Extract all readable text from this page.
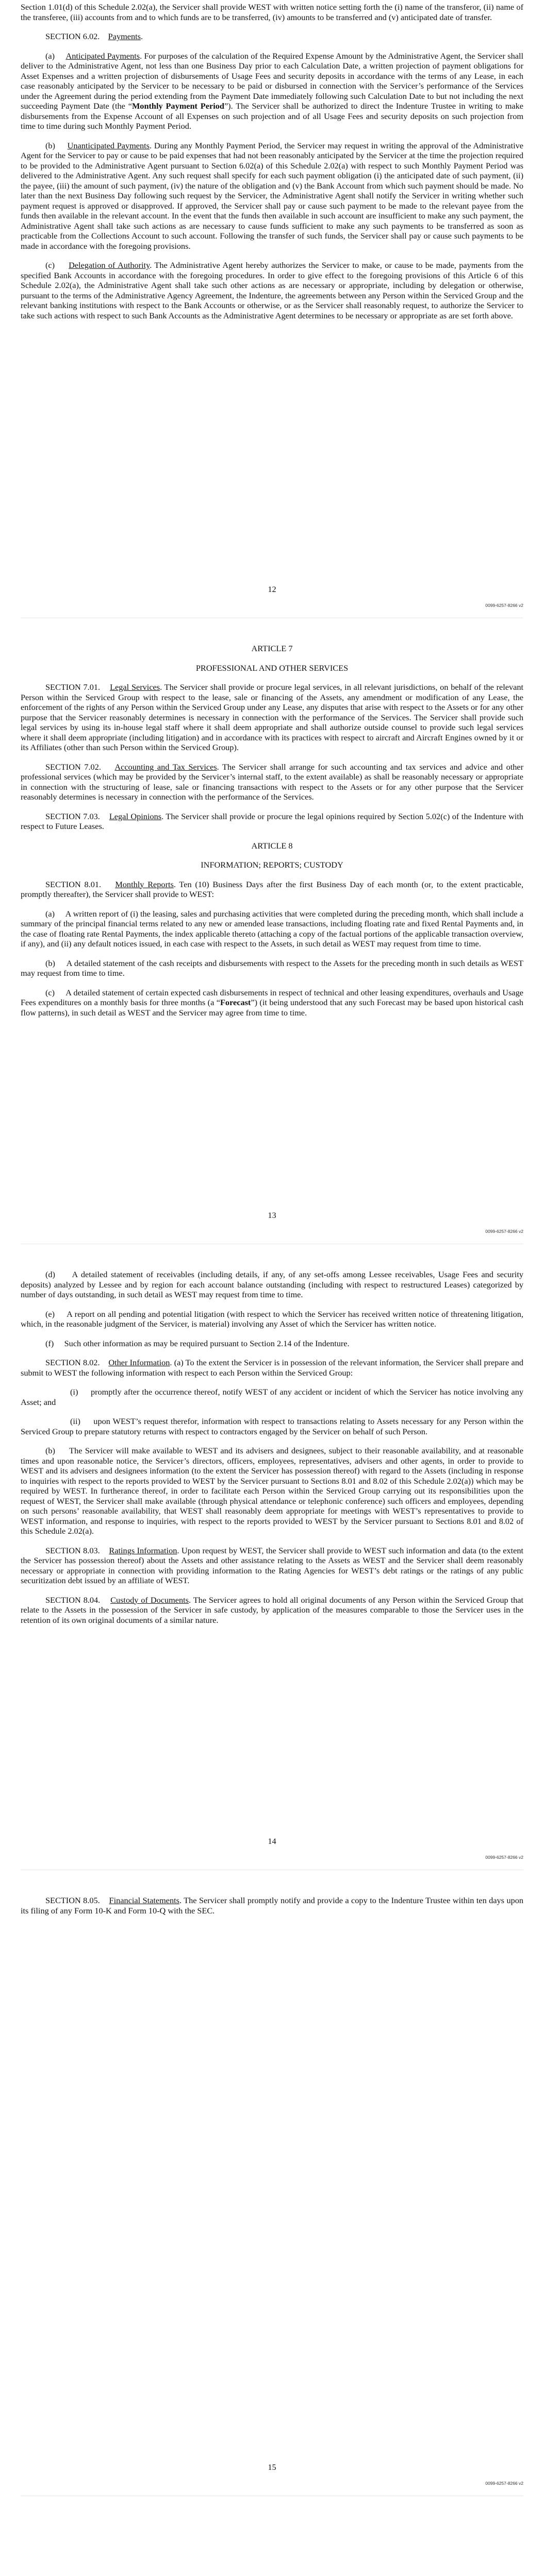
Section 1.01(d) of this Schedule 2.02(a), the Servicer shall provide WEST with written notice setting forth the (i) name of the transferor, (ii) name of the transferee, (iii) accounts from and to which funds are to be transferred, (iv) amounts to be transferred and (v) anticipated date of transfer.

SECTION 6.02. Payments.

(a) Anticipated Payments. For purposes of the calculation of the Required Expense Amount by the Administrative Agent, the Servicer shall deliver to the Administrative Agent, not less than one Business Day prior to each Calculation Date, a written projection of payment obligations for Asset Expenses and a written projection of disbursements of Usage Fees and security deposits in accordance with the terms of any Lease, in each case reasonably anticipated by the Servicer to be necessary to be paid or disbursed in connection with the Servicer’s performance of the Services under the Agreement during the period extending from the Payment Date immediately following such Calculation Date to but not including the next succeeding Payment Date (the “Monthly Payment Period”). The Servicer shall be authorized to direct the Indenture Trustee in writing to make disbursements from the Expense Account of all Expenses on such projection and of all Usage Fees and security deposits on such projection from time to time during such Monthly Payment Period.

(b) Unanticipated Payments. During any Monthly Payment Period, the Servicer may request in writing the approval of the Administrative Agent for the Servicer to pay or cause to be paid expenses that had not been reasonably anticipated by the Servicer at the time the projection required to be provided to the Administrative Agent pursuant to Section 6.02(a) of this Schedule 2.02(a) with respect to such Monthly Payment Period was delivered to the Administrative Agent. Any such request shall specify for each such payment obligation (i) the anticipated date of such payment, (ii) the payee, (iii) the amount of such payment, (iv) the nature of the obligation and (v) the Bank Account from which such payment should be made. No later than the next Business Day following such request by the Servicer, the Administrative Agent shall notify the Servicer in writing whether such payment request is approved or disapproved. If approved, the Servicer shall pay or cause such payment to be made to the relevant payee from the funds then available in the relevant account. In the event that the funds then available in such account are insufficient to make any such payment, the Administrative Agent shall take such actions as are necessary to cause funds sufficient to make any such payments to be transferred as soon as practicable from the Collections Account to such account. Following the transfer of such funds, the Servicer shall pay or cause such payments to be made in accordance with the foregoing provisions.

(c) Delegation of Authority. The Administrative Agent hereby authorizes the Servicer to make, or cause to be made, payments from the specified Bank Accounts in accordance with the foregoing procedures. In order to give effect to the foregoing provisions of this Article 6 of this Schedule 2.02(a), the Administrative Agent shall take such other actions as are necessary or appropriate, including by delegation or otherwise, pursuant to the terms of the Administrative Agency Agreement, the Indenture, the agreements between any Person within the Serviced Group and the relevant banking institutions with respect to the Bank Accounts or otherwise, or as the Servicer shall reasonably request, to authorize the Servicer to take such actions with respect to such Bank Accounts as the Administrative Agent determines to be necessary or appropriate as are set forth above.

12
0099-6257-8266 v2

ARTICLE 7

PROFESSIONAL AND OTHER SERVICES

SECTION 7.01. Legal Services. The Servicer shall provide or procure legal services, in all relevant jurisdictions, on behalf of the relevant Person within the Serviced Group with respect to the lease, sale or financing of the Assets, any amendment or modification of any Lease, the enforcement of the rights of any Person within the Serviced Group under any Lease, any disputes that arise with respect to the Assets or for any other purpose that the Servicer reasonably determines is necessary in connection with the performance of the Services. The Servicer shall provide such legal services by using its in-house legal staff where it shall deem appropriate and shall authorize outside counsel to provide such legal services where it shall deem appropriate (including litigation) and in accordance with its practices with respect to aircraft and Aircraft Engines owned by it or its Affiliates (other than such Person within the Serviced Group).

SECTION 7.02. Accounting and Tax Services. The Servicer shall arrange for such accounting and tax services and advice and other professional services (which may be provided by the Servicer’s internal staff, to the extent available) as shall be reasonably necessary or appropriate in connection with the structuring of lease, sale or financing transactions with respect to the Assets or for any other purpose that the Servicer reasonably determines is necessary in connection with the performance of the Services.

SECTION 7.03. Legal Opinions. The Servicer shall provide or procure the legal opinions required by Section 5.02(c) of the Indenture with respect to Future Leases.

ARTICLE 8

INFORMATION; REPORTS; CUSTODY

SECTION 8.01. Monthly Reports. Ten (10) Business Days after the first Business Day of each month (or, to the extent practicable, promptly thereafter), the Servicer shall provide to WEST:

(a) A written report of (i) the leasing, sales and purchasing activities that were completed during the preceding month, which shall include a summary of the principal financial terms related to any new or amended lease transactions, including floating rate and fixed Rental Payments and, in the case of floating rate Rental Payments, the index applicable thereto (attaching a copy of the factual portions of the applicable transaction overview, if any), and (ii) any default notices issued, in each case with respect to the Assets, in such detail as WEST may request from time to time.

(b) A detailed statement of the cash receipts and disbursements with respect to the Assets for the preceding month in such details as WEST may request from time to time.

(c) A detailed statement of certain expected cash disbursements in respect of technical and other leasing expenditures, overhauls and Usage Fees expenditures on a monthly basis for three months (a “Forecast”) (it being understood that any such Forecast may be based upon historical cash flow patterns), in such detail as WEST and the Servicer may agree from time to time.

13
0099-6257-8266 v2

(d) A detailed statement of receivables (including details, if any, of any set-offs among Lessee receivables, Usage Fees and security deposits) analyzed by Lessee and by region for each account balance outstanding (including with respect to restructured Leases) categorized by number of days outstanding, in such detail as WEST may request from time to time.

(e) A report on all pending and potential litigation (with respect to which the Servicer has received written notice of threatening litigation, which, in the reasonable judgment of the Servicer, is material) involving any Asset of which the Servicer has written notice.

(f) Such other information as may be required pursuant to Section 2.14 of the Indenture.

SECTION 8.02. Other Information. (a) To the extent the Servicer is in possession of the relevant information, the Servicer shall prepare and submit to WEST the following information with respect to each Person within the Serviced Group:

(i) promptly after the occurrence thereof, notify WEST of any accident or incident of which the Servicer has notice involving any Asset; and

(ii) upon WEST’s request therefor, information with respect to transactions relating to Assets necessary for any Person within the Serviced Group to prepare statutory returns with respect to contractors engaged by the Servicer on behalf of such Person.

(b) The Servicer will make available to WEST and its advisers and designees, subject to their reasonable availability, and at reasonable times and upon reasonable notice, the Servicer’s directors, officers, employees, representatives, advisers and other agents, in order to provide to WEST and its advisers and designees information (to the extent the Servicer has possession thereof) with regard to the Assets (including in response to inquiries with respect to the reports provided to WEST by the Servicer pursuant to Sections 8.01 and 8.02 of this Schedule 2.02(a)) which may be required by WEST. In furtherance thereof, in order to facilitate each Person within the Serviced Group carrying out its responsibilities upon the request of WEST, the Servicer shall make available (through physical attendance or telephonic conference) such officers and employees, depending on such persons’ reasonable availability, that WEST shall reasonably deem appropriate for meetings with WEST’s representatives to provide to WEST information, and response to inquiries, with respect to the reports provided to WEST by the Servicer pursuant to Sections 8.01 and 8.02 of this Schedule 2.02(a).

SECTION 8.03. Ratings Information. Upon request by WEST, the Servicer shall provide to WEST such information and data (to the extent the Servicer has possession thereof) about the Assets and other assistance relating to the Assets as WEST and the Servicer shall deem reasonably necessary or appropriate in connection with providing information to the Rating Agencies for WEST’s debt ratings or the ratings of any public securitization debt issued by an affiliate of WEST.

SECTION 8.04. Custody of Documents. The Servicer agrees to hold all original documents of any Person within the Serviced Group that relate to the Assets in the possession of the Servicer in safe custody, by application of the measures comparable to those the Servicer uses in the retention of its own original documents of a similar nature.

14
0099-6257-8266 v2

SECTION 8.05. Financial Statements. The Servicer shall promptly notify and provide a copy to the Indenture Trustee within ten days upon its filing of any Form 10-K and Form 10-Q with the SEC.

15
0099-6257-8266 v2
